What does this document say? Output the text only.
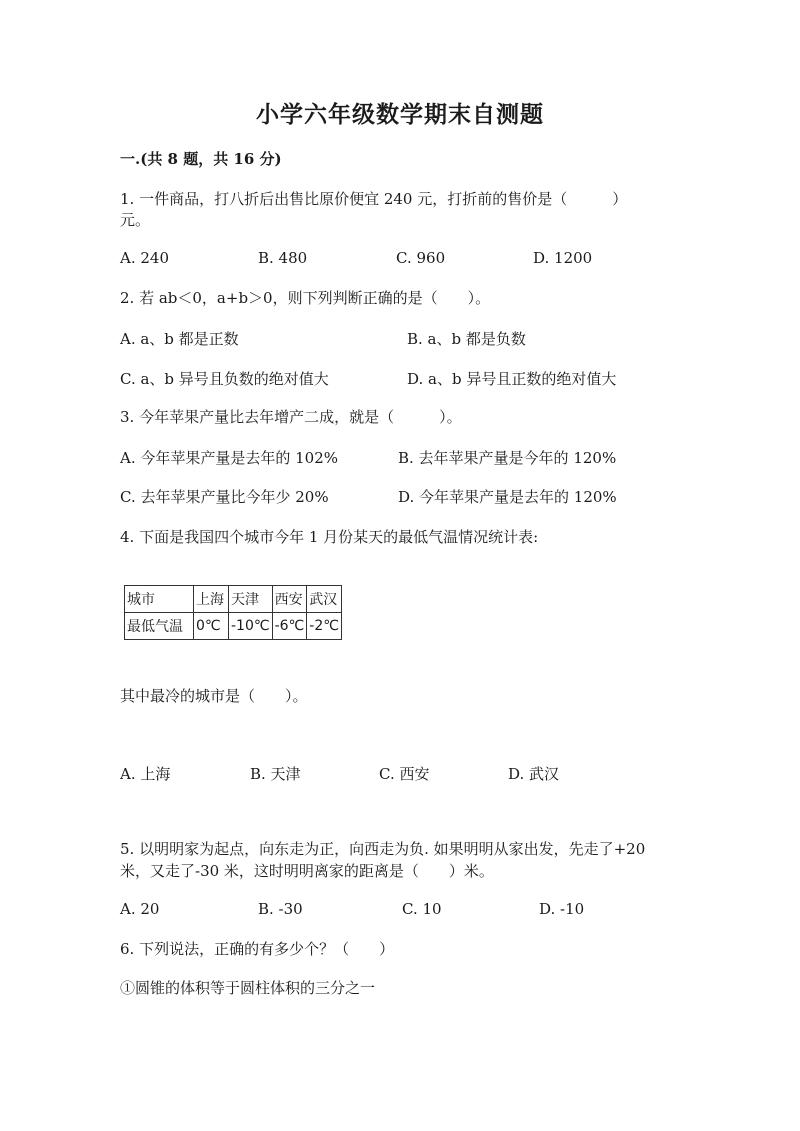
小学六年级数学期末自测题
一.(共 8 题，共 16 分)
1. 一件商品，打八折后出售比原价便宜 240 元，打折前的售价是（　　　）
元。
A. 240	B. 480	C. 960	D. 1200
2. 若 ab＜0，a+b＞0，则下列判断正确的是（　　）。
A. a、b 都是正数	B. a、b 都是负数
C. a、b 异号且负数的绝对值大	D. a、b 异号且正数的绝对值大
3. 今年苹果产量比去年增产二成，就是（　　　）。
A. 今年苹果产量是去年的 102%	B. 去年苹果产量是今年的 120%
C. 去年苹果产量比今年少 20%	D. 今年苹果产量是去年的 120%
4. 下面是我国四个城市今年 1 月份某天的最低气温情况统计表:
城市	上海	天津	西安	武汉
最低气温	0℃	-10℃	-6℃	-2℃
其中最冷的城市是（　　）。
A. 上海	B. 天津	C. 西安	D. 武汉
5. 以明明家为起点，向东走为正，向西走为负. 如果明明从家出发，先走了+20
米，又走了-30 米，这时明明离家的距离是（　　）米。
A. 20	B. -30	C. 10	D. -10
6. 下列说法，正确的有多少个？（　　）
①圆锥的体积等于圆柱体积的三分之一
